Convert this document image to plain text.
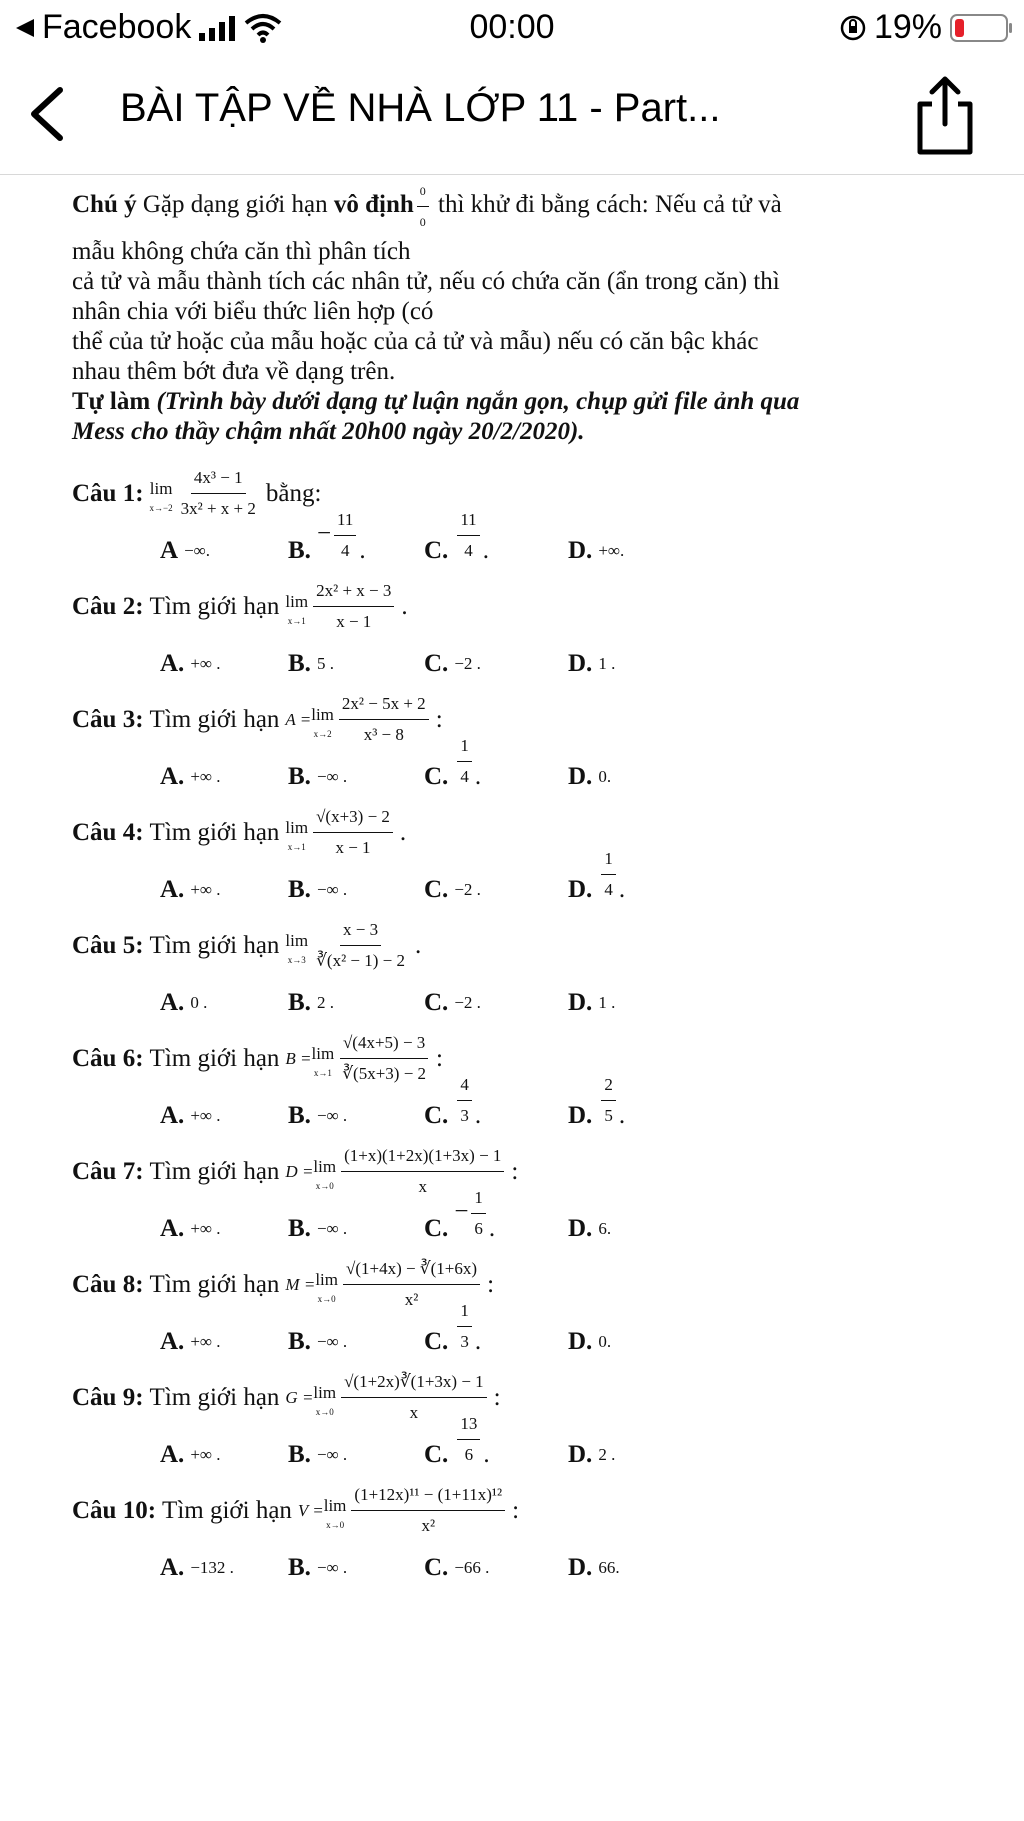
Facebook	00:00	19%
BÀI TẬP VỀ NHÀ LỚP 11 - Part...

Chú ý Gặp dạng giới hạn vô định $\frac{0}{0}$ thì khử đi bằng cách: Nếu cả tử và

mẫu không chứa căn thì phân tích

cả tử và mẫu thành tích các nhân tử, nếu có chứa căn (ẩn trong căn) thì

nhân chia với biểu thức liên hợp (có

thể của tử hoặc của mẫu hoặc của cả tử và mẫu) nếu có căn bậc khác

nhau thêm bớt đưa về dạng trên.

Tự làm (Trình bày dưới dạng tự luận ngắn gọn, chụp gửi file ảnh qua

Mess cho thầy chậm nhất 20h00 ngày 20/2/2020).

Câu 1: lim
$x\to-2 \frac{\text{4x³ − 1}}{\text{3x² + x + 2}}$ bằng:
A −∞.	B.
− $\frac{11}{4}$ . C. $\frac{11}{4}$ .	D. +∞.
Câu 2: Tìm giới hạn lim
$x\to 1 \frac{\text{2x² + x − 3}}{x - 1}$ .
A. +∞ .	B. 5 .	C. −2 .	D. 1 .
Câu 3: Tìm giới hạn A = lim
$x\to 2 \frac{\text{2x² − 5x + 2}}{\text{x³ − 8}}$ :
A. +∞ .	B. −∞ .	C. $\frac{1}{4}$ .	D. 0.
Câu 4: Tìm giới hạn lim
$x\to 1 \frac{√(x+3) - 2}{x - 1}$ .
A. +∞ .	B. −∞ .	C. −2 .	D. $\frac{1}{4}$ .
Câu 5: Tìm giới hạn lim
$x\to 3 \frac{x - 3}{\text{∛(x² − 1) − 2}}$ .
A. 0 .	B. 2 .	C. −2 .	D. 1 .
Câu 6: Tìm giới hạn B = lim
$x\to 1 \frac{√(4x+5) - 3}{∛(5x+3) - 2}$ :
A. +∞ .	B. −∞ .	C. $\frac{4}{3}$ .	D. $\frac{2}{5}$ .
Câu 7: Tìm giới hạn D = lim
$x\to 0 \frac{(1+x)(1+2x)(1+3x) - 1}{x}$ :
A. +∞ .	B. −∞ .	C.
− $\frac{1}{6}$ .	D. 6.
Câu 8: Tìm giới hạn M = lim
$x\to 0 \frac{√(1+4x) - ∛(1+6x)}{\text{x²}}$ :
A. +∞ .	B. −∞ .	C. $\frac{1}{3}$ .	D. 0.
Câu 9: Tìm giới hạn G = lim
$x\to 0 \frac{√(1+2x)∛(1+3x) - 1}{x}$ :
A. +∞ .	B. −∞ .	C. $\frac{13}{6}$ .	D. 2 .
Câu 10: Tìm giới hạn V = lim
$x\to 0 \frac{\text{(1+12x)¹¹ − (1+11x)¹²}}{\text{x²}}$ :
A. −132 . B. −∞ .	C. −66 .	D. 66.
